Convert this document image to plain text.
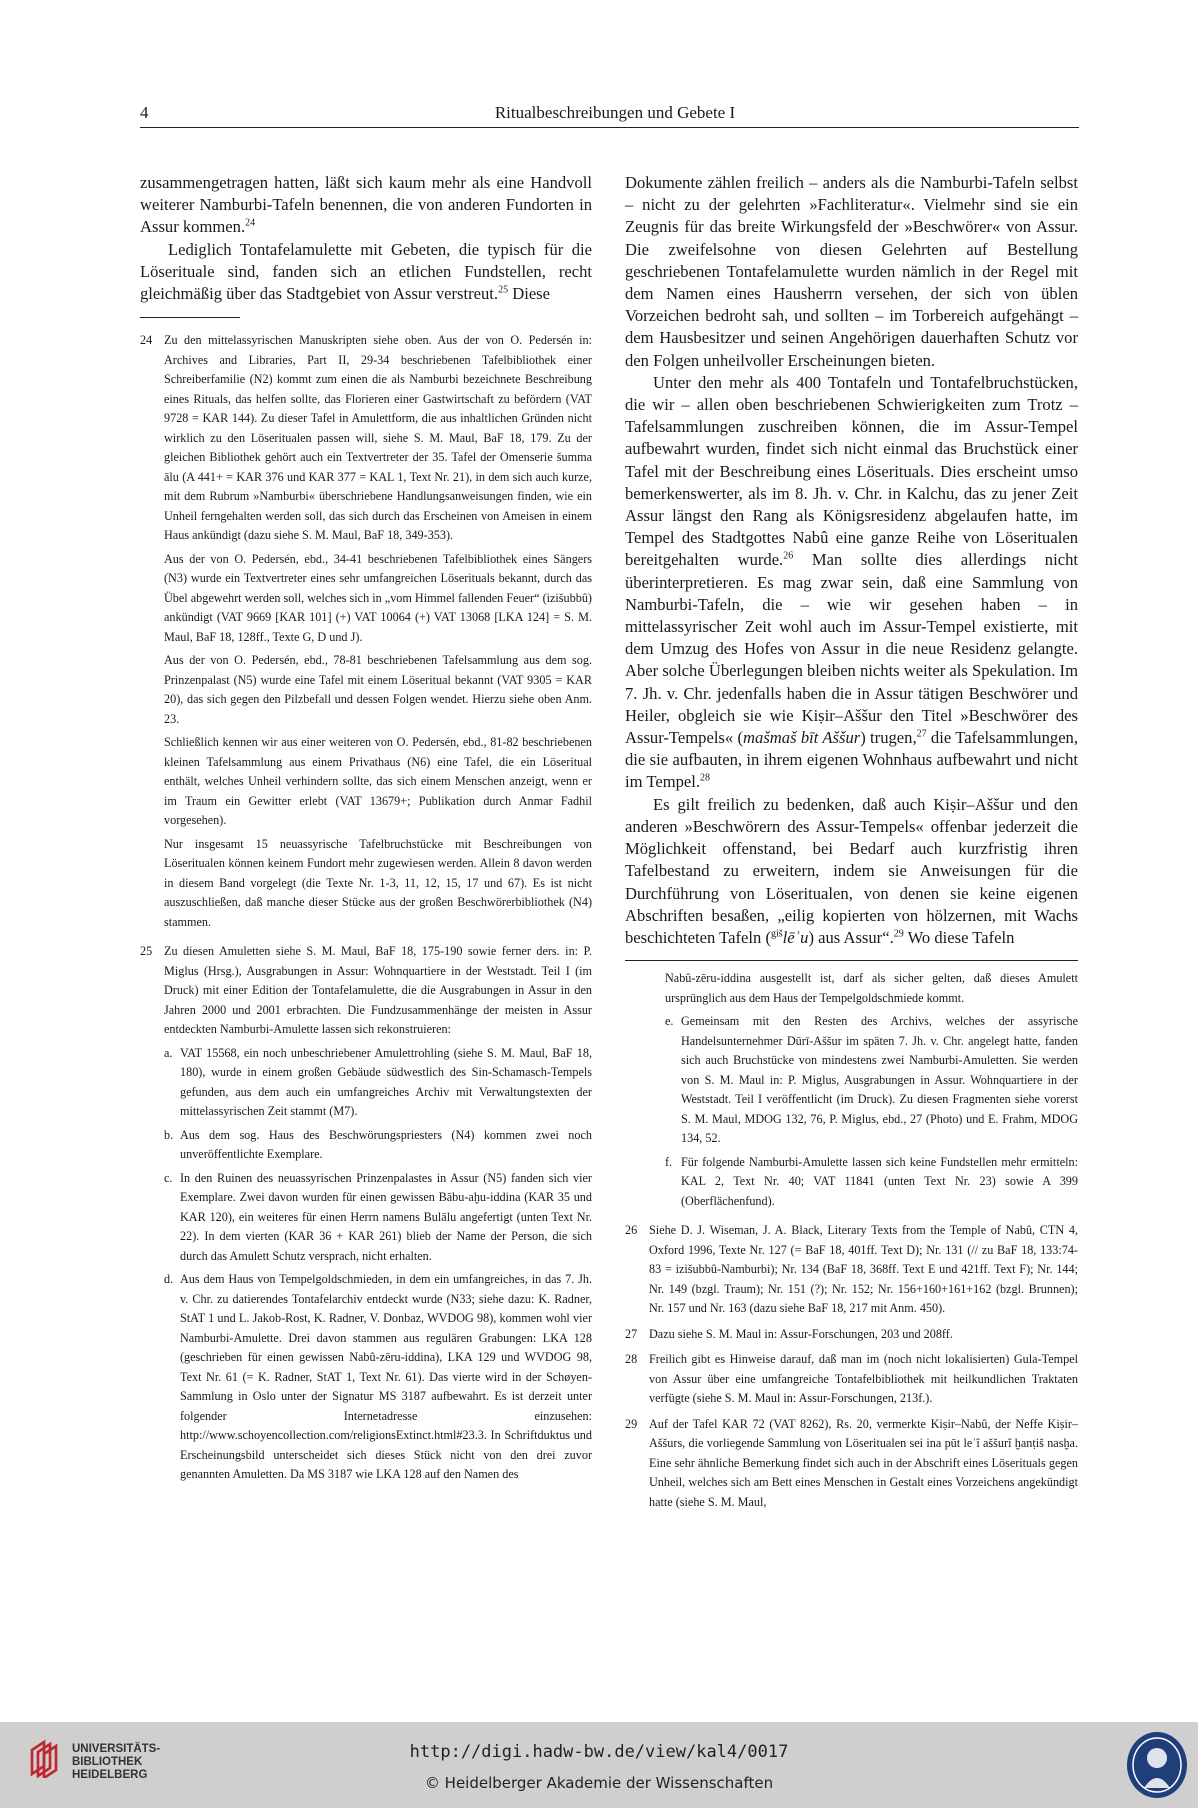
4	Ritualbeschreibungen und Gebete I

zusammengetragen hatten, läßt sich kaum mehr als eine Handvoll weiterer Namburbi-Tafeln benennen, die von anderen Fundorten in Assur kommen.$^{24}$

Lediglich Tontafelamulette mit Gebeten, die typisch für die Löserituale sind, fanden sich an etlichen Fundstellen, recht gleichmäßig über das Stadtgebiet von Assur verstreut.$^{25}$ Diese

24 Zu den mittelassyrischen Manuskripten siehe oben. Aus der von O. Pedersén in: Archives and Libraries, Part II, 29-34 beschriebenen Tafelbibliothek einer Schreiberfamilie (N2) kommt zum einen die als Namburbi bezeichnete Beschreibung eines Rituals, das helfen sollte, das Florieren einer Gastwirtschaft zu befördern (VAT 9728 = KAR 144). Zu dieser Tafel in Amulettform, die aus inhaltlichen Gründen nicht wirklich zu den Löseritualen passen will, siehe S. M. Maul, BaF 18, 179. Zu der gleichen Bibliothek gehört auch ein Textvertreter der 35. Tafel der Omenserie šumma ālu (A 441+ = KAR 376 und KAR 377 = KAL 1, Text Nr. 21), in dem sich auch kurze, mit dem Rubrum »Namburbi« überschriebene Handlungsanweisungen finden, wie ein Unheil ferngehalten werden soll, das sich durch das Erscheinen von Ameisen in einem Haus ankündigt (dazu siehe S. M. Maul, BaF 18, 349-353).

Aus der von O. Pedersén, ebd., 34-41 beschriebenen Tafelbibliothek eines Sängers (N3) wurde ein Textvertreter eines sehr umfangreichen Löserituals bekannt, durch das Übel abgewehrt werden soll, welches sich in „vom Himmel fallenden Feuer“ (izišubbû) ankündigt (VAT 9669 [KAR 101] (+) VAT 10064 (+) VAT 13068 [LKA 124] = S. M. Maul, BaF 18, 128ff., Texte G, D und J).

Aus der von O. Pedersén, ebd., 78-81 beschriebenen Tafelsammlung aus dem sog. Prinzenpalast (N5) wurde eine Tafel mit einem Löseritual bekannt (VAT 9305 = KAR 20), das sich gegen den Pilzbefall und dessen Folgen wendet. Hierzu siehe oben Anm. 23.

Schließlich kennen wir aus einer weiteren von O. Pedersén, ebd., 81-82 beschriebenen kleinen Tafelsammlung aus einem Privathaus (N6) eine Tafel, die ein Löseritual enthält, welches Unheil verhindern sollte, das sich einem Menschen anzeigt, wenn er im Traum ein Gewitter erlebt (VAT 13679+; Publikation durch Anmar Fadhil vorgesehen).

Nur insgesamt 15 neuassyrische Tafelbruchstücke mit Beschreibungen von Löseritualen können keinem Fundort mehr zugewiesen werden. Allein 8 davon werden in diesem Band vorgelegt (die Texte Nr. 1-3, 11, 12, 15, 17 und 67). Es ist nicht auszuschließen, daß manche dieser Stücke aus der großen Beschwörerbibliothek (N4) stammen.

25 Zu diesen Amuletten siehe S. M. Maul, BaF 18, 175-190 sowie ferner ders. in: P. Miglus (Hrsg.), Ausgrabungen in Assur: Wohnquartiere in der Weststadt. Teil I (im Druck) mit einer Edition der Tontafelamulette, die die Ausgrabungen in Assur in den Jahren 2000 und 2001 erbrachten. Die Fundzusammenhänge der meisten in Assur entdeckten Namburbi-Amulette lassen sich rekonstruieren:

a. VAT 15568, ein noch unbeschriebener Amulettrohling (siehe S. M. Maul, BaF 18, 180), wurde in einem großen Gebäude südwestlich des Sin-Schamasch-Tempels gefunden, aus dem auch ein umfangreiches Archiv mit Verwaltungstexten der mittelassyrischen Zeit stammt (M7).
b. Aus dem sog. Haus des Beschwörungspriesters (N4) kommen zwei noch unveröffentlichte Exemplare.
c. In den Ruinen des neuassyrischen Prinzenpalastes in Assur (N5) fanden sich vier Exemplare. Zwei davon wurden für einen gewissen Bābu-aḫu-iddina (KAR 35 und KAR 120), ein weiteres für einen Herrn namens Bulālu angefertigt (unten Text Nr. 22). In dem vierten (KAR 36 + KAR 261) blieb der Name der Person, die sich durch das Amulett Schutz versprach, nicht erhalten.
d. Aus dem Haus von Tempelgoldschmieden, in dem ein umfangreiches, in das 7. Jh. v. Chr. zu datierendes Tontafelarchiv entdeckt wurde (N33; siehe dazu: K. Radner, StAT 1 und L. Jakob-Rost, K. Radner, V. Donbaz, WVDOG 98), kommen wohl vier Namburbi-Amulette. Drei davon stammen aus regulären Grabungen: LKA 128 (geschrieben für einen gewissen Nabû-zēru-iddina), LKA 129 und WVDOG 98, Text Nr. 61 (= K. Radner, StAT 1, Text Nr. 61). Das vierte wird in der Schøyen-Sammlung in Oslo unter der Signatur MS 3187 aufbewahrt. Es ist derzeit unter folgender Internetadresse einzusehen: http://www.schoyencollection.com/religionsExtinct.html#23.3. In Schriftduktus und Erscheinungsbild unterscheidet sich dieses Stück nicht von den drei zuvor genannten Amuletten. Da MS 3187 wie LKA 128 auf den Namen des

Dokumente zählen freilich – anders als die Namburbi-Tafeln selbst – nicht zu der gelehrten »Fachliteratur«. Vielmehr sind sie ein Zeugnis für das breite Wirkungsfeld der »Beschwörer« von Assur. Die zweifelsohne von diesen Gelehrten auf Bestellung geschriebenen Tontafelamulette wurden nämlich in der Regel mit dem Namen eines Hausherrn versehen, der sich von üblen Vorzeichen bedroht sah, und sollten – im Torbereich aufgehängt – dem Hausbesitzer und seinen Angehörigen dauerhaften Schutz vor den Folgen unheilvoller Erscheinungen bieten.

Unter den mehr als 400 Tontafeln und Tontafelbruchstücken, die wir – allen oben beschriebenen Schwierigkeiten zum Trotz – Tafelsammlungen zuschreiben können, die im Assur-Tempel aufbewahrt wurden, findet sich nicht einmal das Bruchstück einer Tafel mit der Beschreibung eines Löserituals. Dies erscheint umso bemerkenswerter, als im 8. Jh. v. Chr. in Kalchu, das zu jener Zeit Assur längst den Rang als Königsresidenz abgelaufen hatte, im Tempel des Stadtgottes Nabû eine ganze Reihe von Löseritualen bereitgehalten wurde.$^{26}$ Man sollte dies allerdings nicht überinterpretieren. Es mag zwar sein, daß eine Sammlung von Namburbi-Tafeln, die – wie wir gesehen haben – in mittelassyrischer Zeit wohl auch im Assur-Tempel existierte, mit dem Umzug des Hofes von Assur in die neue Residenz gelangte. Aber solche Überlegungen bleiben nichts weiter als Spekulation. Im 7. Jh. v. Chr. jedenfalls haben die in Assur tätigen Beschwörer und Heiler, obgleich sie wie Kiṣir–Aššur den Titel »Beschwörer des Assur-Tempels« (mašmaš bīt Aššur) trugen,$^{27}$ die Tafelsammlungen, die sie aufbauten, in ihrem eigenen Wohnhaus aufbewahrt und nicht im Tempel.$^{28}$

Es gilt freilich zu bedenken, daß auch Kiṣir–Aššur und den anderen »Beschwörern des Assur-Tempels« offenbar jederzeit die Möglichkeit offenstand, bei Bedarf auch kurzfristig ihren Tafelbestand zu erweitern, indem sie Anweisungen für die Durchführung von Löseritualen, von denen sie keine eigenen Abschriften besaßen, „eilig kopierten von hölzernen, mit Wachs beschichteten Tafeln ($^{giš}$lēʾu) aus Assur“.$^{29}$ Wo diese Tafeln

Nabû-zēru-iddina ausgestellt ist, darf als sicher gelten, daß dieses Amulett ursprünglich aus dem Haus der Tempelgoldschmiede kommt.
e. Gemeinsam mit den Resten des Archivs, welches der assyrische Handelsunternehmer Dūrī-Aššur im späten 7. Jh. v. Chr. angelegt hatte, fanden sich auch Bruchstücke von mindestens zwei Namburbi-Amuletten. Sie werden von S. M. Maul in: P. Miglus, Ausgrabungen in Assur. Wohnquartiere in der Weststadt. Teil I veröffentlicht (im Druck). Zu diesen Fragmenten siehe vorerst S. M. Maul, MDOG 132, 76, P. Miglus, ebd., 27 (Photo) und E. Frahm, MDOG 134, 52.
f. Für folgende Namburbi-Amulette lassen sich keine Fundstellen mehr ermitteln: KAL 2, Text Nr. 40; VAT 11841 (unten Text Nr. 23) sowie A 399 (Oberflächenfund).
26 Siehe D. J. Wiseman, J. A. Black, Literary Texts from the Temple of Nabû, CTN 4, Oxford 1996, Texte Nr. 127 (= BaF 18, 401ff. Text D); Nr. 131 (// zu BaF 18, 133:74-83 = izišubbû-Namburbi); Nr. 134 (BaF 18, 368ff. Text E und 421ff. Text F); Nr. 144; Nr. 149 (bzgl. Traum); Nr. 151 (?); Nr. 152; Nr. 156+160+161+162 (bzgl. Brunnen); Nr. 157 und Nr. 163 (dazu siehe BaF 18, 217 mit Anm. 450).
27 Dazu siehe S. M. Maul in: Assur-Forschungen, 203 und 208ff.
28 Freilich gibt es Hinweise darauf, daß man im (noch nicht lokalisierten) Gula-Tempel von Assur über eine umfangreiche Tontafelbibliothek mit heilkundlichen Traktaten verfügte (siehe S. M. Maul in: Assur-Forschungen, 213f.).
29 Auf der Tafel KAR 72 (VAT 8262), Rs. 20, vermerkte Kiṣir–Nabû, der Neffe Kiṣir–Aššurs, die vorliegende Sammlung von Löseritualen sei ina pūt leʾî aššurî ḫanṭiš nasḫa. Eine sehr ähnliche Bemerkung findet sich auch in der Abschrift eines Löserituals gegen Unheil, welches sich am Bett eines Menschen in Gestalt eines Vorzeichens angekündigt hatte (siehe S. M. Maul,
UNIVERSITÄTS-
BIBLIOTHEK
HEIDELBERG
http://digi.hadw-bw.de/view/kal4/0017
© Heidelberger Akademie der Wissenschaften
